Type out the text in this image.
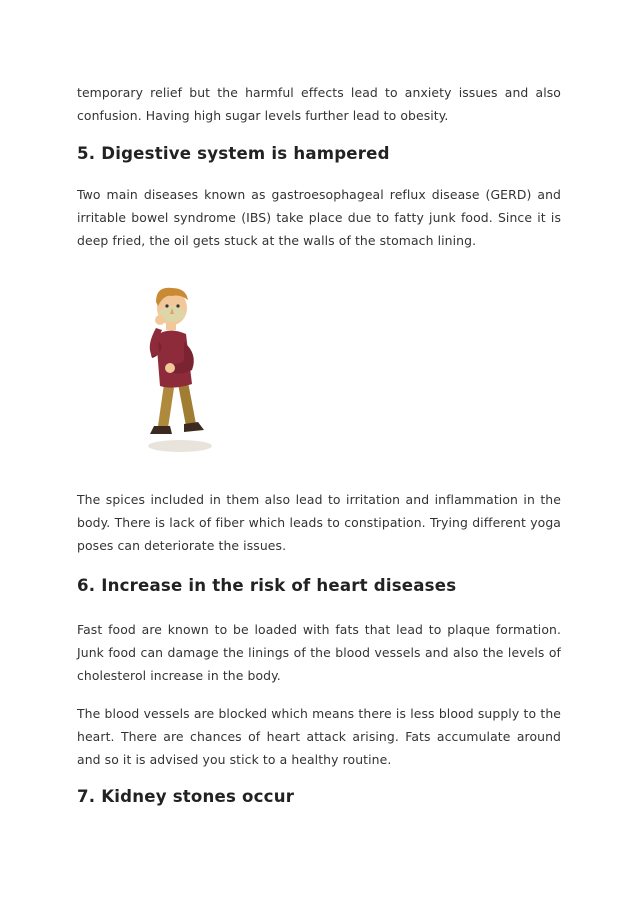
temporary relief but the harmful effects lead to anxiety issues and also confusion. Having high sugar levels further lead to obesity.

5. Digestive system is hampered

Two main diseases known as gastroesophageal reflux disease (GERD) and irritable bowel syndrome (IBS) take place due to fatty junk food. Since it is deep fried, the oil gets stuck at the walls of the stomach lining.

The spices included in them also lead to irritation and inflammation in the body. There is lack of fiber which leads to constipation. Trying different yoga poses can deteriorate the issues.

6. Increase in the risk of heart diseases

Fast food are known to be loaded with fats that lead to plaque formation. Junk food can damage the linings of the blood vessels and also the levels of cholesterol increase in the body.

The blood vessels are blocked which means there is less blood supply to the heart. There are chances of heart attack arising. Fats accumulate around and so it is advised you stick to a healthy routine.

7. Kidney stones occur
